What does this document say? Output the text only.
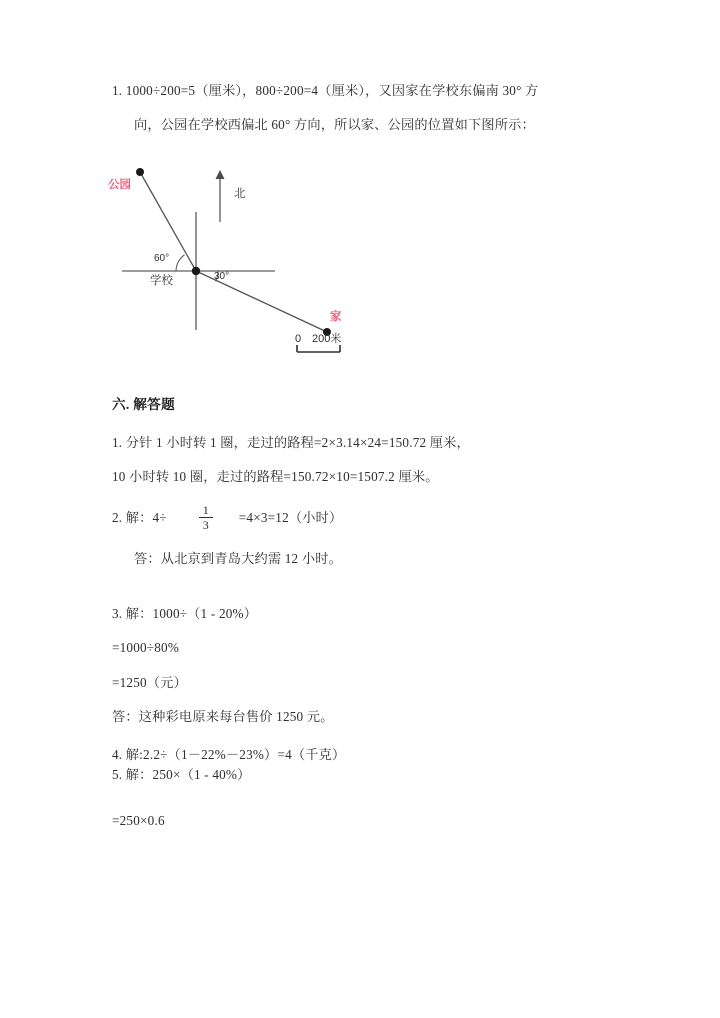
1. 1000÷200=5（厘米），800÷200=4（厘米），又因家在学校东偏南 30° 方
向，公园在学校西偏北 60° 方向，所以家、公园的位置如下图所示：
公园
家
学校
北
60°
30°
0 200米
六. 解答题
1. 分针 1 小时转 1 圈，走过的路程=2×3.14×24=150.72 厘米，
10 小时转 10 圈，走过的路程=150.72×10=1507.2 厘米。
2. 解：4÷	$\frac{1}{3} =4\times 3=12$（小时）
答：从北京到青岛大约需 12 小时。
3. 解：1000÷（1 - 20%）
=1000÷80%
=1250（元）
答：这种彩电原来每台售价 1250 元。
4. 解:2.2÷（1－22%－23%）=4（千克）
5. 解：250×（1 - 40%）
=250×0.6
